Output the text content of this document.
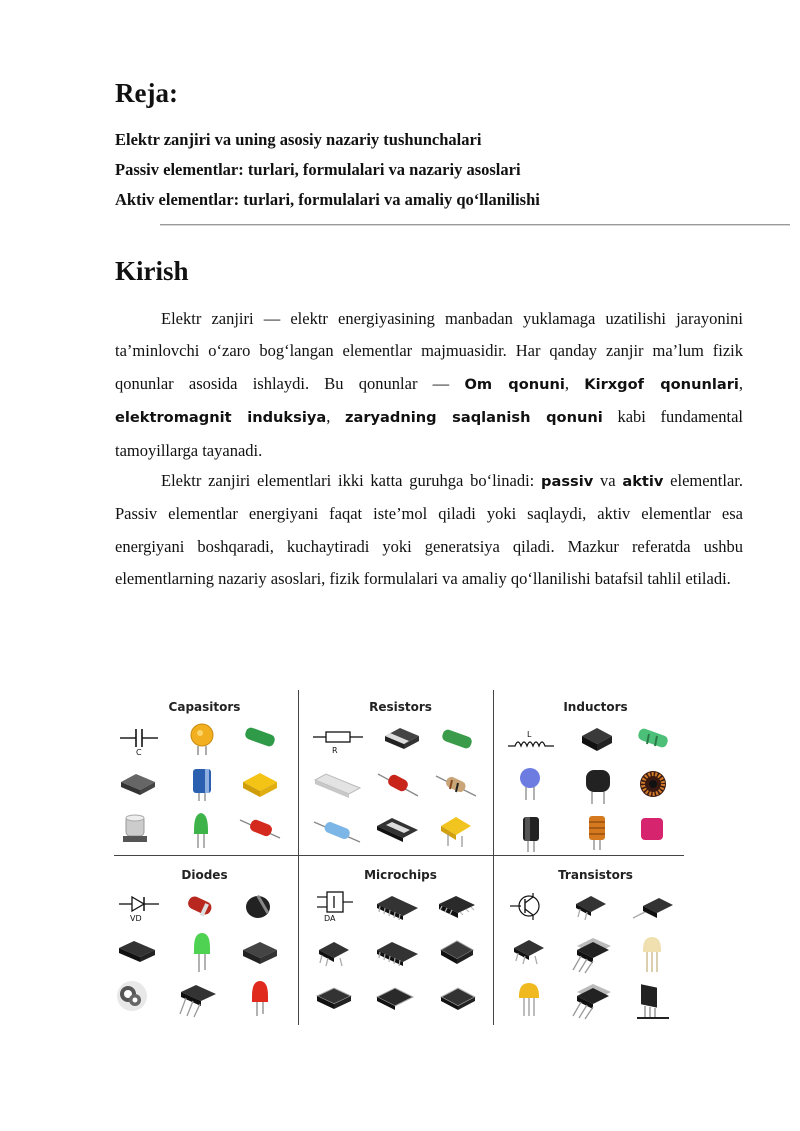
Reja:
Elektr zanjiri va uning asosiy nazariy tushunchalari
Passiv elementlar: turlari, formulalari va nazariy asoslari
Aktiv elementlar: turlari, formulalari va amaliy qo‘llanilishi
Kirish

Elektr zanjiri — elektr energiyasining manbadan yuklamaga uzatilishi jarayonini ta’minlovchi o‘zaro bog‘langan elementlar majmuasidir. Har qanday zanjir ma’lum fizik qonunlar asosida ishlaydi. Bu qonunlar — Om qonuni, Kirxgof qonunlari, elektromagnit induksiya, zaryadning saqlanish qonuni kabi fundamental tamoyillarga tayanadi.

Elektr zanjiri elementlari ikki katta guruhga bo‘linadi: passiv va aktiv elementlar. Passiv elementlar energiyani faqat iste’mol qiladi yoki saqlaydi, aktiv elementlar esa energiyani boshqaradi, kuchaytiradi yoki generatsiya qiladi. Mazkur referatda ushbu elementlarning nazariy asoslari, fizik formulalari va amaliy qo‘llanilishi batafsil tahlil etiladi.

Capasitors
C
Resistors
R
Inductors
L
Diodes
VD
Microchips
DA
Transistors
